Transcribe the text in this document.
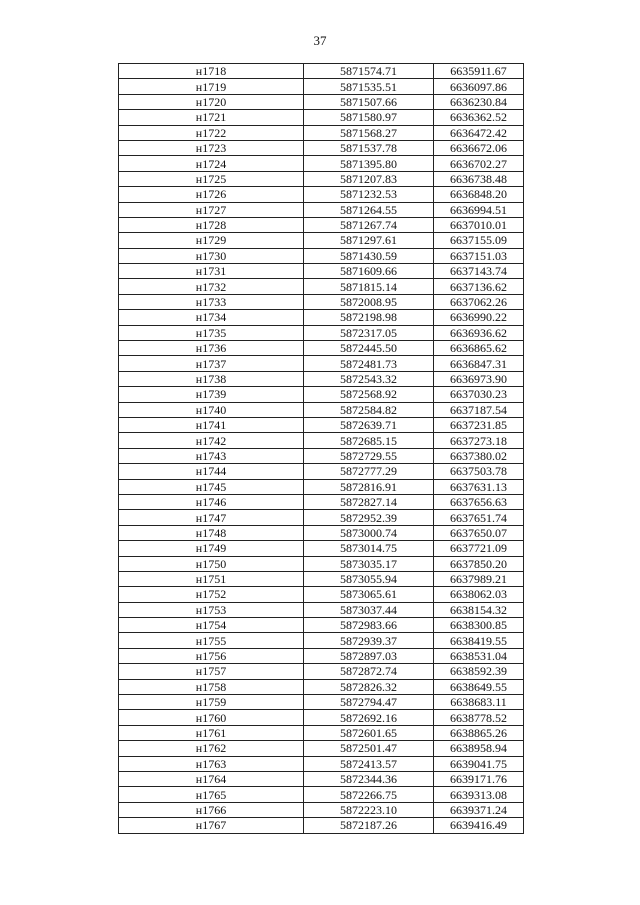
37
н1718	5871574.71	6635911.67
н1719	5871535.51	6636097.86
н1720	5871507.66	6636230.84
н1721	5871580.97	6636362.52
н1722	5871568.27	6636472.42
н1723	5871537.78	6636672.06
н1724	5871395.80	6636702.27
н1725	5871207.83	6636738.48
н1726	5871232.53	6636848.20
н1727	5871264.55	6636994.51
н1728	5871267.74	6637010.01
н1729	5871297.61	6637155.09
н1730	5871430.59	6637151.03
н1731	5871609.66	6637143.74
н1732	5871815.14	6637136.62
н1733	5872008.95	6637062.26
н1734	5872198.98	6636990.22
н1735	5872317.05	6636936.62
н1736	5872445.50	6636865.62
н1737	5872481.73	6636847.31
н1738	5872543.32	6636973.90
н1739	5872568.92	6637030.23
н1740	5872584.82	6637187.54
н1741	5872639.71	6637231.85
н1742	5872685.15	6637273.18
н1743	5872729.55	6637380.02
н1744	5872777.29	6637503.78
н1745	5872816.91	6637631.13
н1746	5872827.14	6637656.63
н1747	5872952.39	6637651.74
н1748	5873000.74	6637650.07
н1749	5873014.75	6637721.09
н1750	5873035.17	6637850.20
н1751	5873055.94	6637989.21
н1752	5873065.61	6638062.03
н1753	5873037.44	6638154.32
н1754	5872983.66	6638300.85
н1755	5872939.37	6638419.55
н1756	5872897.03	6638531.04
н1757	5872872.74	6638592.39
н1758	5872826.32	6638649.55
н1759	5872794.47	6638683.11
н1760	5872692.16	6638778.52
н1761	5872601.65	6638865.26
н1762	5872501.47	6638958.94
н1763	5872413.57	6639041.75
н1764	5872344.36	6639171.76
н1765	5872266.75	6639313.08
н1766	5872223.10	6639371.24
н1767	5872187.26	6639416.49
